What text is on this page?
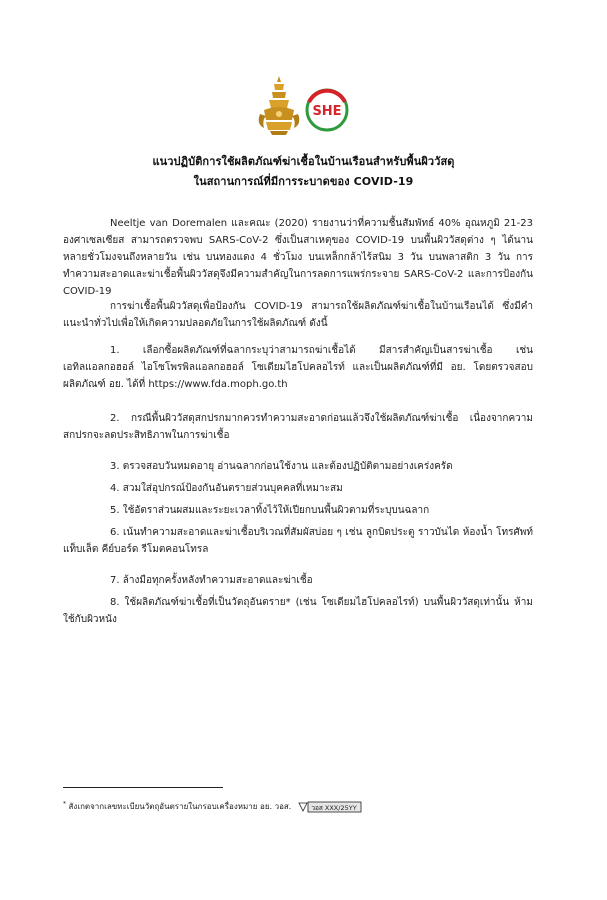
SHE
แนวปฏิบัติการใช้ผลิตภัณฑ์ฆ่าเชื้อในบ้านเรือนสำหรับพื้นผิววัสดุ
ในสถานการณ์ที่มีการระบาดของ COVID-19

Neeltje van Doremalen และคณะ (2020) รายงานว่าที่ความชื้นสัมพัทธ์ 40% อุณหภูมิ 21-23 องศาเซลเซียส สามารถตรวจพบ SARS-CoV-2 ซึ่งเป็นสาเหตุของ COVID-19 บนพื้นผิววัสดุต่าง ๆ ได้นานหลายชั่วโมงจนถึงหลายวัน เช่น บนทองแดง 4 ชั่วโมง บนเหล็กกล้าไร้สนิม 3 วัน บนพลาสติก 3 วัน การทำความสะอาดและฆ่าเชื้อพื้นผิววัสดุจึงมีความสำคัญในการลดการแพร่กระจาย SARS-CoV-2 และการป้องกัน COVID-19

การฆ่าเชื้อพื้นผิววัสดุเพื่อป้องกัน COVID-19 สามารถใช้ผลิตภัณฑ์ฆ่าเชื้อในบ้านเรือนได้ ซึ่งมีคำแนะนำทั่วไปเพื่อให้เกิดความปลอดภัยในการใช้ผลิตภัณฑ์ ดังนี้

1. เลือกซื้อผลิตภัณฑ์ที่ฉลากระบุว่าสามารถฆ่าเชื้อได้ มีสารสำคัญเป็นสารฆ่าเชื้อ เช่น เอทิลแอลกอฮอล์ ไอโซโพรพิลแอลกอฮอล์ โซเดียมไฮโปคลอไรท์ และเป็นผลิตภัณฑ์ที่มี อย. โดยตรวจสอบผลิตภัณฑ์ อย. ได้ที่ https://www.fda.moph.go.th

2. กรณีพื้นผิววัสดุสกปรกมากควรทำความสะอาดก่อนแล้วจึงใช้ผลิตภัณฑ์ฆ่าเชื้อ เนื่องจากความสกปรกจะลดประสิทธิภาพในการฆ่าเชื้อ

3. ตรวจสอบวันหมดอายุ อ่านฉลากก่อนใช้งาน และต้องปฏิบัติตามอย่างเคร่งครัด

4. สวมใส่อุปกรณ์ป้องกันอันตรายส่วนบุคคลที่เหมาะสม

5. ใช้อัตราส่วนผสมและระยะเวลาทิ้งไว้ให้เปียกบนพื้นผิวตามที่ระบุบนฉลาก

6. เน้นทำความสะอาดและฆ่าเชื้อบริเวณที่สัมผัสบ่อย ๆ เช่น ลูกบิดประตู ราวบันได ห้องน้ำ โทรศัพท์ แท็บเล็ต คีย์บอร์ด รีโมตคอนโทรล

7. ล้างมือทุกครั้งหลังทำความสะอาดและฆ่าเชื้อ

8. ใช้ผลิตภัณฑ์ฆ่าเชื้อที่เป็นวัตถุอันตราย* (เช่น โซเดียมไฮโปคลอไรท์) บนพื้นผิววัสดุเท่านั้น ห้ามใช้กับผิวหนัง

* สังเกตจากเลขทะเบียนวัตถุอันตรายในกรอบเครื่องหมาย อย. วอส.	วอส XXX/25YY
